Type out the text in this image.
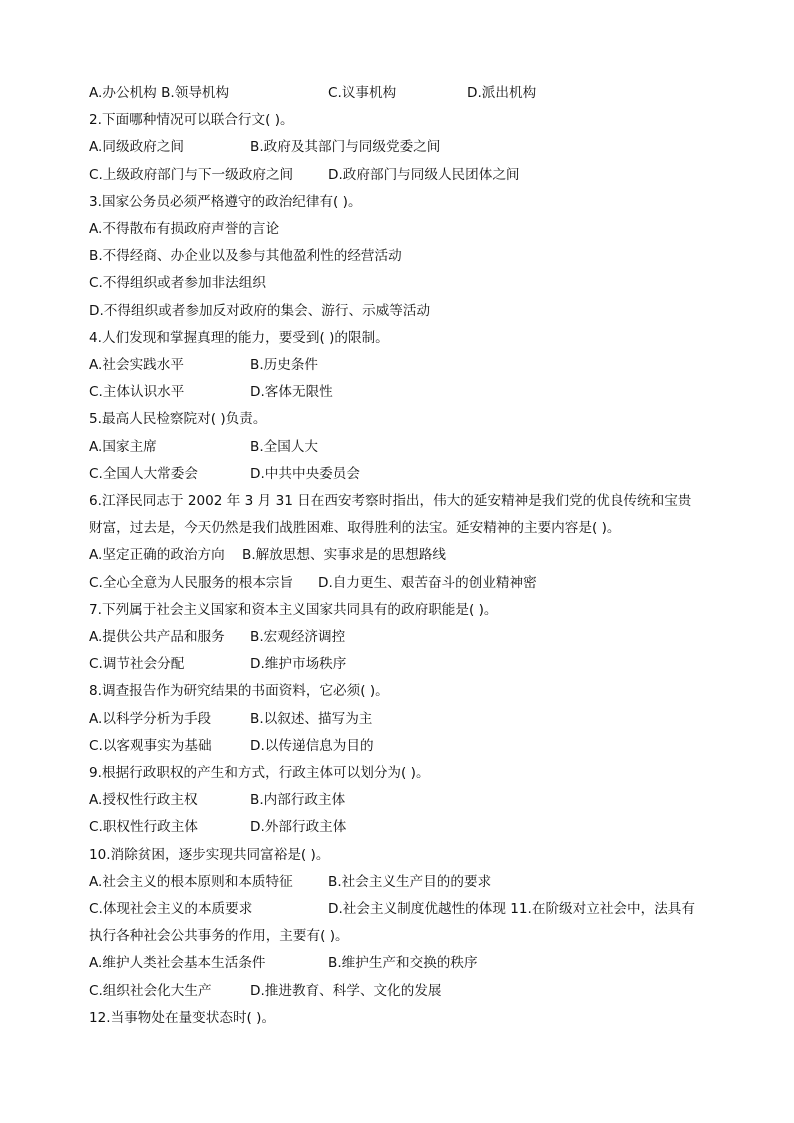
A.办公机构 B.领导机构	C.议事机构	D.派出机构
2.下面哪种情况可以联合行文( )。
A.同级政府之间	B.政府及其部门与同级党委之间
C.上级政府部门与下一级政府之间	D.政府部门与同级人民团体之间
3.国家公务员必须严格遵守的政治纪律有( )。
A.不得散布有损政府声誉的言论
B.不得经商、办企业以及参与其他盈利性的经营活动
C.不得组织或者参加非法组织
D.不得组织或者参加反对政府的集会、游行、示威等活动
4.人们发现和掌握真理的能力，要受到( )的限制。
A.社会实践水平	B.历史条件
C.主体认识水平	D.客体无限性
5.最高人民检察院对( )负责。
A.国家主席	B.全国人大
C.全国人大常委会	D.中共中央委员会
6.江泽民同志于 2002 年 3 月 31 日在西安考察时指出，伟大的延安精神是我们党的优良传统和宝贵
财富，过去是，今天仍然是我们战胜困难、取得胜利的法宝。延安精神的主要内容是( )。
A.坚定正确的政治方向 B.解放思想、实事求是的思想路线
C.全心全意为人民服务的根本宗旨 D.自力更生、艰苦奋斗的创业精神密
7.下列属于社会主义国家和资本主义国家共同具有的政府职能是( )。
A.提供公共产品和服务 B.宏观经济调控
C.调节社会分配	D.维护市场秩序
8.调查报告作为研究结果的书面资料，它必须( )。
A.以科学分析为手段	B.以叙述、描写为主
C.以客观事实为基础	D.以传递信息为目的
9.根据行政职权的产生和方式，行政主体可以划分为( )。
A.授权性行政主权	B.内部行政主体
C.职权性行政主体	D.外部行政主体
10.消除贫困，逐步实现共同富裕是( )。
A.社会主义的根本原则和本质特征	B.社会主义生产目的的要求
C.体现社会主义的本质要求	D.社会主义制度优越性的体现 11.在阶级对立社会中，法具有
执行各种社会公共事务的作用，主要有( )。
A.维护人类社会基本生活条件	B.维护生产和交换的秩序
C.组织社会化大生产	D.推进教育、科学、文化的发展
12.当事物处在量变状态时( )。
